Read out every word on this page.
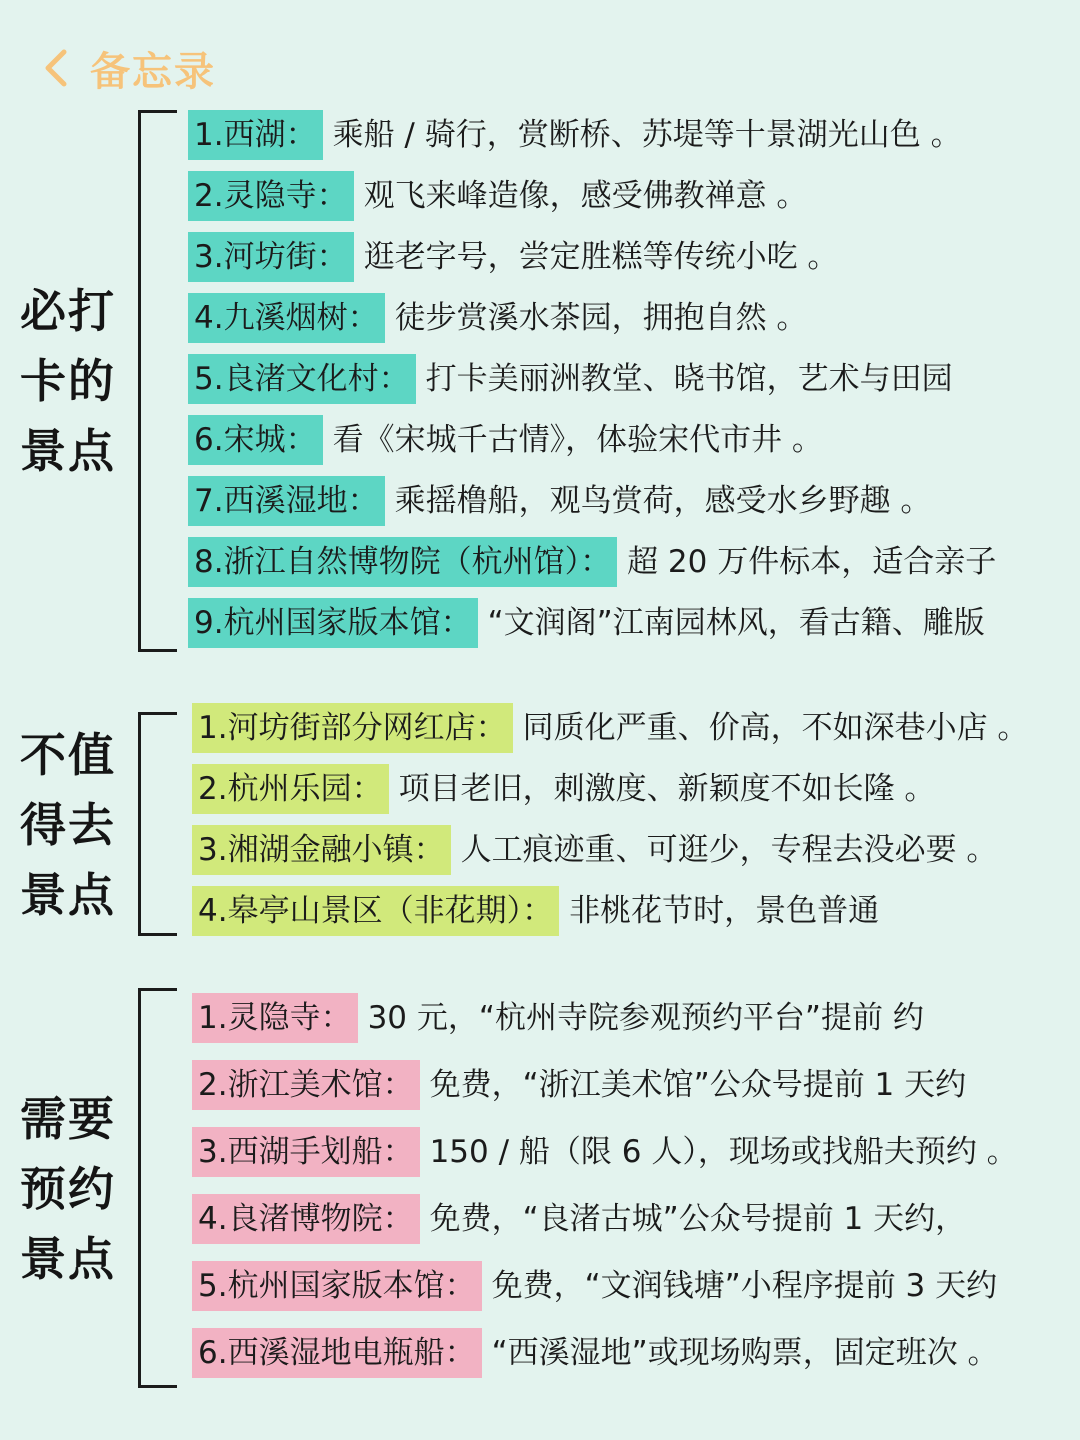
备忘录
必打
卡的
景点
1.西湖： 乘船 / 骑行，赏断桥、苏堤等十景湖光山色 。
2.灵隐寺： 观飞来峰造像，感受佛教禅意 。
3.河坊街： 逛老字号，尝定胜糕等传统小吃 。
4.九溪烟树： 徒步赏溪水茶园，拥抱自然 。
5.良渚文化村： 打卡美丽洲教堂、晓书馆，艺术与田园
6.宋城： 看《宋城千古情》，体验宋代市井 。
7.西溪湿地： 乘摇橹船，观鸟赏荷，感受水乡野趣 。
8.浙江自然博物院（杭州馆）： 超 20 万件标本，适合亲子
9.杭州国家版本馆： “文润阁”江南园林风，看古籍、雕版
不值
得去
景点
1.河坊街部分网红店： 同质化严重、价高，不如深巷小店 。
2.杭州乐园： 项目老旧，刺激度、新颖度不如长隆 。
3.湘湖金融小镇： 人工痕迹重、可逛少，专程去没必要 。
4.皋亭山景区（非花期）： 非桃花节时，景色普通
需要
预约
景点
1.灵隐寺： 30 元，“杭州寺院参观预约平台”提前 约
2.浙江美术馆： 免费，“浙江美术馆”公众号提前 1 天约
3.西湖手划船： 150 / 船（限 6 人），现场或找船夫预约 。
4.良渚博物院： 免费，“良渚古城”公众号提前 1 天约，
5.杭州国家版本馆： 免费，“文润钱塘”小程序提前 3 天约
6.西溪湿地电瓶船： “西溪湿地”或现场购票，固定班次 。
